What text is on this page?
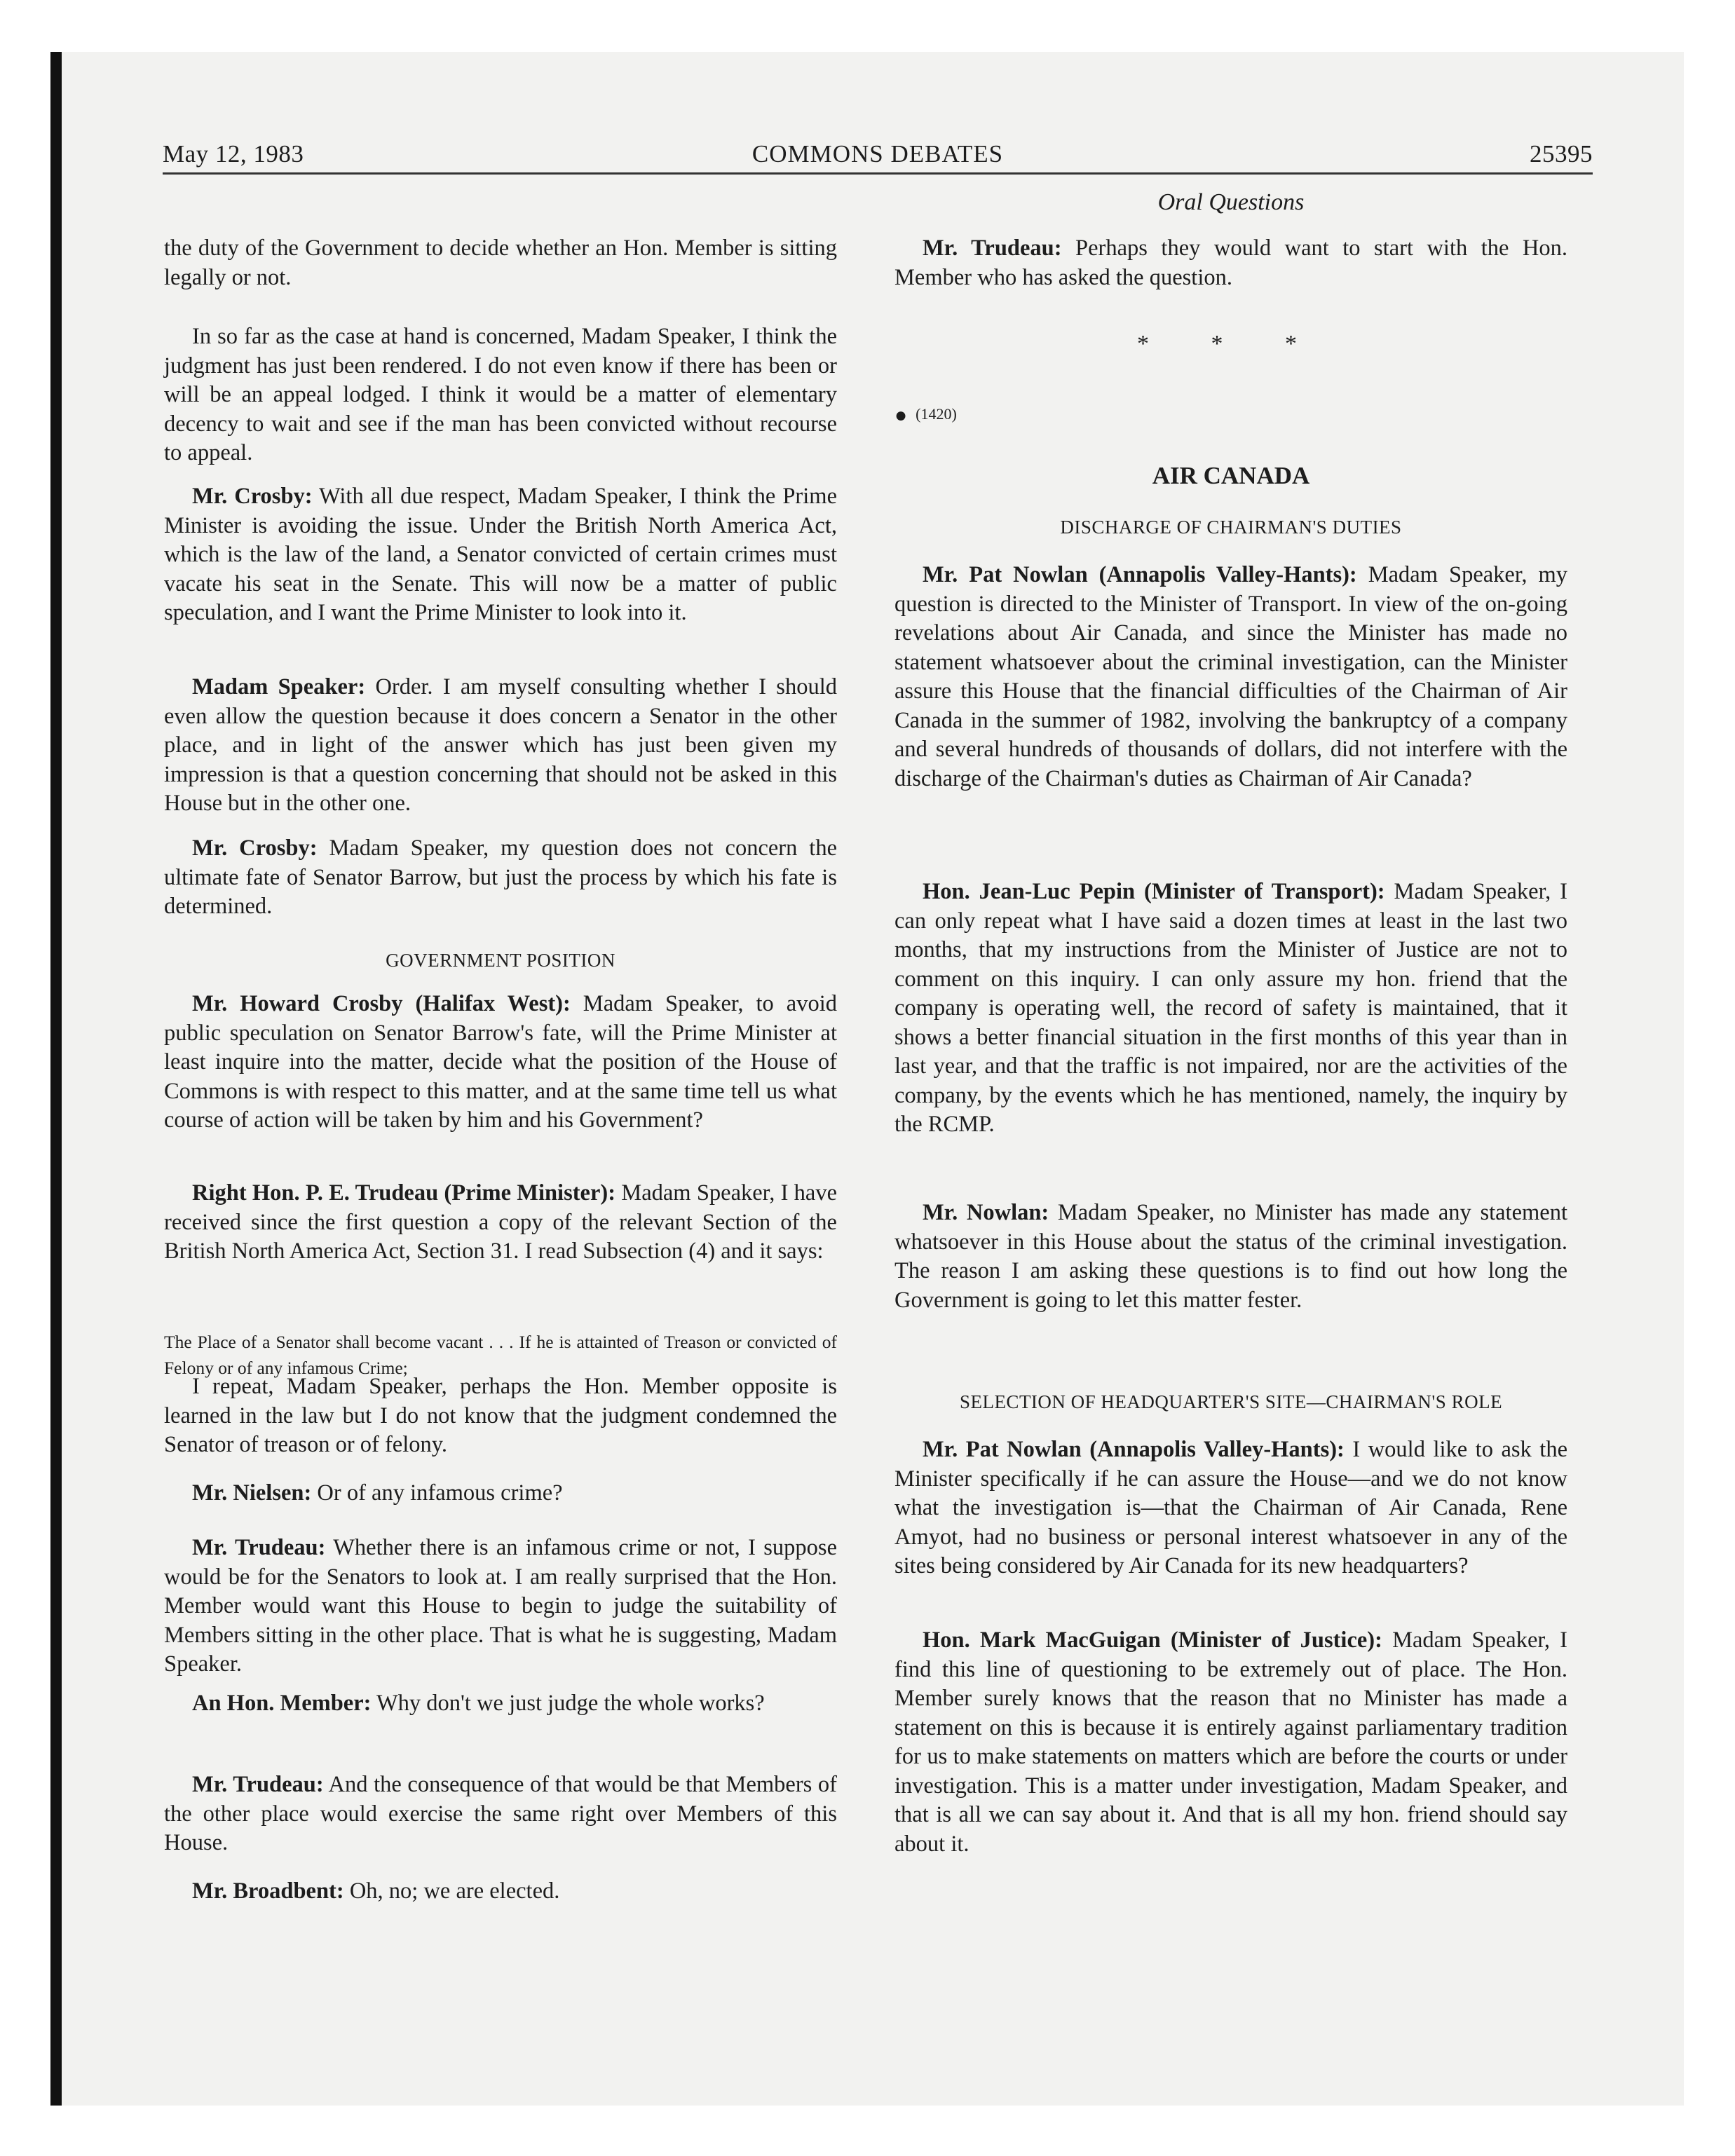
May 12, 1983	COMMONS DEBATES	25395

the duty of the Government to decide whether an Hon. Member is sitting legally or not.

In so far as the case at hand is concerned, Madam Speaker, I think the judgment has just been rendered. I do not even know if there has been or will be an appeal lodged. I think it would be a matter of elementary decency to wait and see if the man has been convicted without recourse to appeal.

Mr. Crosby: With all due respect, Madam Speaker, I think the Prime Minister is avoiding the issue. Under the British North America Act, which is the law of the land, a Senator convicted of certain crimes must vacate his seat in the Senate. This will now be a matter of public speculation, and I want the Prime Minister to look into it.

Madam Speaker: Order. I am myself consulting whether I should even allow the question because it does concern a Senator in the other place, and in light of the answer which has just been given my impression is that a question concerning that should not be asked in this House but in the other one.

Mr. Crosby: Madam Speaker, my question does not concern the ultimate fate of Senator Barrow, but just the process by which his fate is determined.

GOVERNMENT POSITION

Mr. Howard Crosby (Halifax West): Madam Speaker, to avoid public speculation on Senator Barrow's fate, will the Prime Minister at least inquire into the matter, decide what the position of the House of Commons is with respect to this matter, and at the same time tell us what course of action will be taken by him and his Government?

Right Hon. P. E. Trudeau (Prime Minister): Madam Speaker, I have received since the first question a copy of the relevant Section of the British North America Act, Section 31. I read Subsection (4) and it says:

The Place of a Senator shall become vacant . . . If he is attainted of Treason or convicted of Felony or of any infamous Crime;

I repeat, Madam Speaker, perhaps the Hon. Member opposite is learned in the law but I do not know that the judgment condemned the Senator of treason or of felony.

Mr. Nielsen: Or of any infamous crime?

Mr. Trudeau: Whether there is an infamous crime or not, I suppose would be for the Senators to look at. I am really surprised that the Hon. Member would want this House to begin to judge the suitability of Members sitting in the other place. That is what he is suggesting, Madam Speaker.

An Hon. Member: Why don't we just judge the whole works?

Mr. Trudeau: And the consequence of that would be that Members of the other place would exercise the same right over Members of this House.

Mr. Broadbent: Oh, no; we are elected.

Oral Questions

Mr. Trudeau: Perhaps they would want to start with the Hon. Member who has asked the question.

* * *
● (1420)
AIR CANADA
DISCHARGE OF CHAIRMAN'S DUTIES

Mr. Pat Nowlan (Annapolis Valley-Hants): Madam Speaker, my question is directed to the Minister of Transport. In view of the on-going revelations about Air Canada, and since the Minister has made no statement whatsoever about the criminal investigation, can the Minister assure this House that the financial difficulties of the Chairman of Air Canada in the summer of 1982, involving the bankruptcy of a company and several hundreds of thousands of dollars, did not interfere with the discharge of the Chairman's duties as Chairman of Air Canada?

Hon. Jean-Luc Pepin (Minister of Transport): Madam Speaker, I can only repeat what I have said a dozen times at least in the last two months, that my instructions from the Minister of Justice are not to comment on this inquiry. I can only assure my hon. friend that the company is operating well, the record of safety is maintained, that it shows a better financial situation in the first months of this year than in last year, and that the traffic is not impaired, nor are the activities of the company, by the events which he has mentioned, namely, the inquiry by the RCMP.

Mr. Nowlan: Madam Speaker, no Minister has made any statement whatsoever in this House about the status of the criminal investigation. The reason I am asking these questions is to find out how long the Government is going to let this matter fester.

SELECTION OF HEADQUARTER'S SITE—CHAIRMAN'S ROLE

Mr. Pat Nowlan (Annapolis Valley-Hants): I would like to ask the Minister specifically if he can assure the House—and we do not know what the investigation is—that the Chairman of Air Canada, Rene Amyot, had no business or personal interest whatsoever in any of the sites being considered by Air Canada for its new headquarters?

Hon. Mark MacGuigan (Minister of Justice): Madam Speaker, I find this line of questioning to be extremely out of place. The Hon. Member surely knows that the reason that no Minister has made a statement on this is because it is entirely against parliamentary tradition for us to make statements on matters which are before the courts or under investigation. This is a matter under investigation, Madam Speaker, and that is all we can say about it. And that is all my hon. friend should say about it.
